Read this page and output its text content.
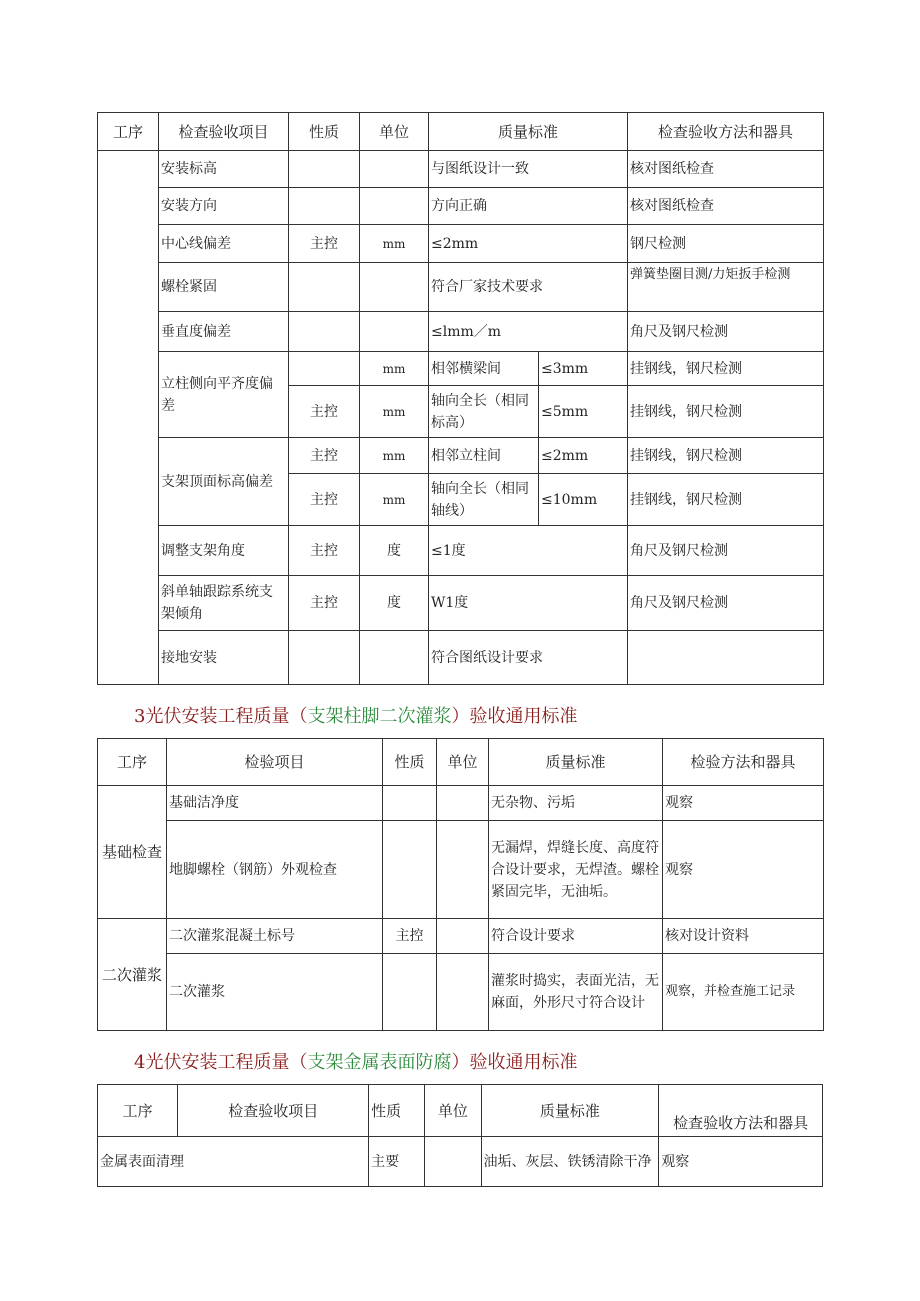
工序	检查验收项目	性质	单位	质量标准		检查验收方法和器具
	安装标高			与图纸设计一致		核对图纸检查
	安装方向			方向正确		核对图纸检查
	中心线偏差	主控	mm	≤2mm		钢尺检测
	螺栓紧固			符合厂家技术要求		弹簧垫圈目测/力矩扳手检测
	垂直度偏差			≤lmm／m		角尺及钢尺检测
	立柱侧向平齐度偏差		mm	相邻横梁间	≤3mm	挂钢线，钢尺检测
		主控	mm	轴向全长（相同标高）	≤5mm	挂钢线，钢尺检测
	支架顶面标高偏差	主控	mm	相邻立柱间	≤2mm	挂钢线，钢尺检测
		主控	mm	轴向全长（相同轴线）	≤10mm	挂钢线，钢尺检测
	调整支架角度	主控	度	≤1度		角尺及钢尺检测
	斜单轴跟踪系统支架倾角	主控	度	W1度		角尺及钢尺检测
	接地安装			符合图纸设计要求		
3光伏安装工程质量（支架柱脚二次灌浆）验收通用标准
工序	检验项目	性质	单位	质量标准	检验方法和器具
基础检查	基础洁净度			无杂物、污垢	观察
	地脚螺栓（钢筋）外观检查			无漏焊，焊缝长度、高度符合设计要求，无焊渣。螺栓紧固完毕，无油垢。	观察
二次灌浆	二次灌浆混凝土标号	主控		符合设计要求	核对设计资料
	二次灌浆			灌浆时捣实，表面光洁，无麻面，外形尺寸符合设计	观察，并检查施工记录
4光伏安装工程质量（支架金属表面防腐）验收通用标准
工序	检查验收项目	性质	单位	质量标准	检查验收方法和器具
金属表面清理		主要		油垢、灰层、铁锈清除干净	观察
